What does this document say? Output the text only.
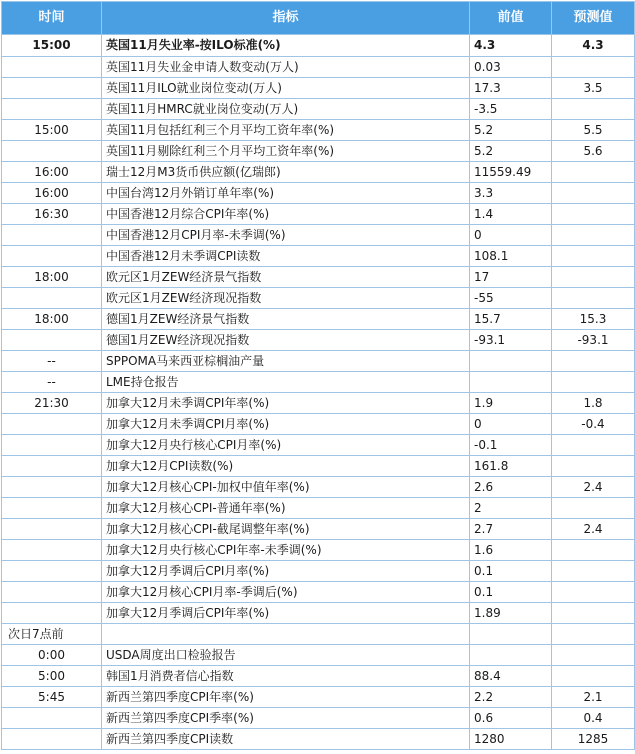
时间	指标	前值	预测值
15:00	英国11月失业率-按ILO标准(%)	4.3	4.3
	英国11月失业金申请人数变动(万人)	0.03	
	英国11月ILO就业岗位变动(万人)	17.3	3.5
	英国11月HMRC就业岗位变动(万人)	-3.5	
15:00	英国11月包括红利三个月平均工资年率(%)	5.2	5.5
	英国11月剔除红利三个月平均工资年率(%)	5.2	5.6
16:00	瑞士12月M3货币供应额(亿瑞郎)	11559.49	
16:00	中国台湾12月外销订单年率(%)	3.3	
16:30	中国香港12月综合CPI年率(%)	1.4	
	中国香港12月CPI月率-未季调(%)	0	
	中国香港12月未季调CPI读数	108.1	
18:00	欧元区1月ZEW经济景气指数	17	
	欧元区1月ZEW经济现况指数	-55	
18:00	德国1月ZEW经济景气指数	15.7	15.3
	德国1月ZEW经济现况指数	-93.1	-93.1
--	SPPOMA马来西亚棕榈油产量		
--	LME持仓报告		
21:30	加拿大12月未季调CPI年率(%)	1.9	1.8
	加拿大12月未季调CPI月率(%)	0	-0.4
	加拿大12月央行核心CPI月率(%)	-0.1	
	加拿大12月CPI读数(%)	161.8	
	加拿大12月核心CPI-加权中值年率(%)	2.6	2.4
	加拿大12月核心CPI-普通年率(%)	2	
	加拿大12月核心CPI-截尾调整年率(%)	2.7	2.4
	加拿大12月央行核心CPI年率-未季调(%)	1.6	
	加拿大12月季调后CPI月率(%)	0.1	
	加拿大12月核心CPI月率-季调后(%)	0.1	
	加拿大12月季调后CPI年率(%)	1.89	
次日7点前			
0:00	USDA周度出口检验报告		
5:00	韩国1月消费者信心指数	88.4	
5:45	新西兰第四季度CPI年率(%)	2.2	2.1
	新西兰第四季度CPI季率(%)	0.6	0.4
	新西兰第四季度CPI读数	1280	1285
